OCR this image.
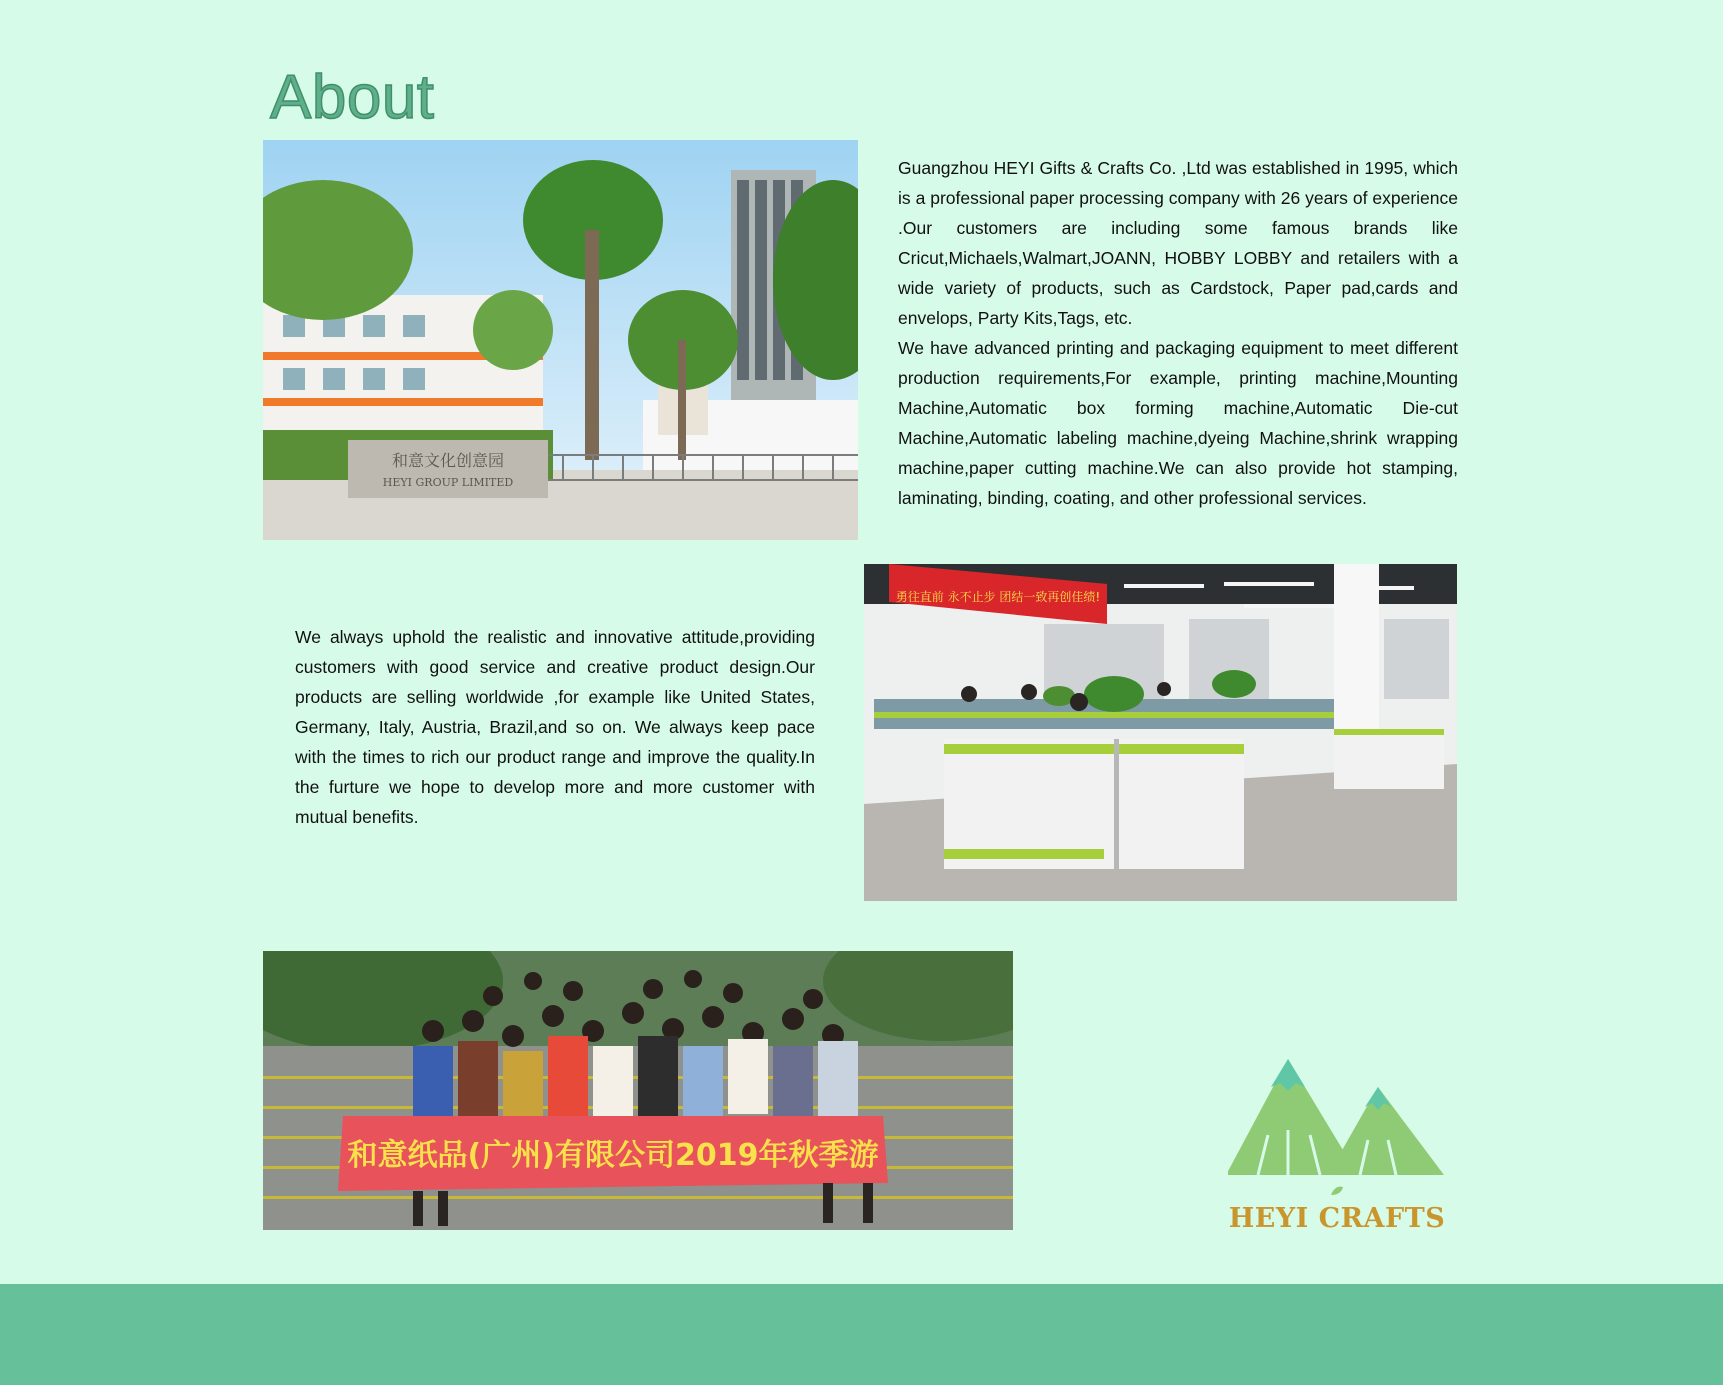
About
和意文化创意园
HEYI GROUP LIMITED

Guangzhou HEYI Gifts & Crafts Co. ,Ltd was established in 1995, which is a professional paper processing company with 26 years of experience .Our customers are including some famous brands like Cricut,Michaels,Walmart,JOANN, HOBBY LOBBY and retailers with a wide variety of products, such as Cardstock, Paper pad,cards and envelops, Party Kits,Tags, etc.
We have advanced printing and packaging equipment to meet different production requirements,For example, printing machine,Mounting Machine,Automatic box forming machine,Automatic Die-cut Machine,Automatic labeling machine,dyeing Machine,shrink wrapping machine,paper cutting machine.We can also provide hot stamping, laminating, binding, coating, and other professional services.

We always uphold the realistic and innovative attitude,providing customers with good service and creative product design.Our products are selling worldwide ,for example like United States, Germany, Italy, Austria, Brazil,and so on. We always keep pace with the times to rich our product range and improve the quality.In the furture we hope to develop more and more customer with mutual benefits.

勇往直前 永不止步 团结一致再创佳绩!
和意纸品(广州)有限公司2019年秋季游
HEYI CRAFTS
